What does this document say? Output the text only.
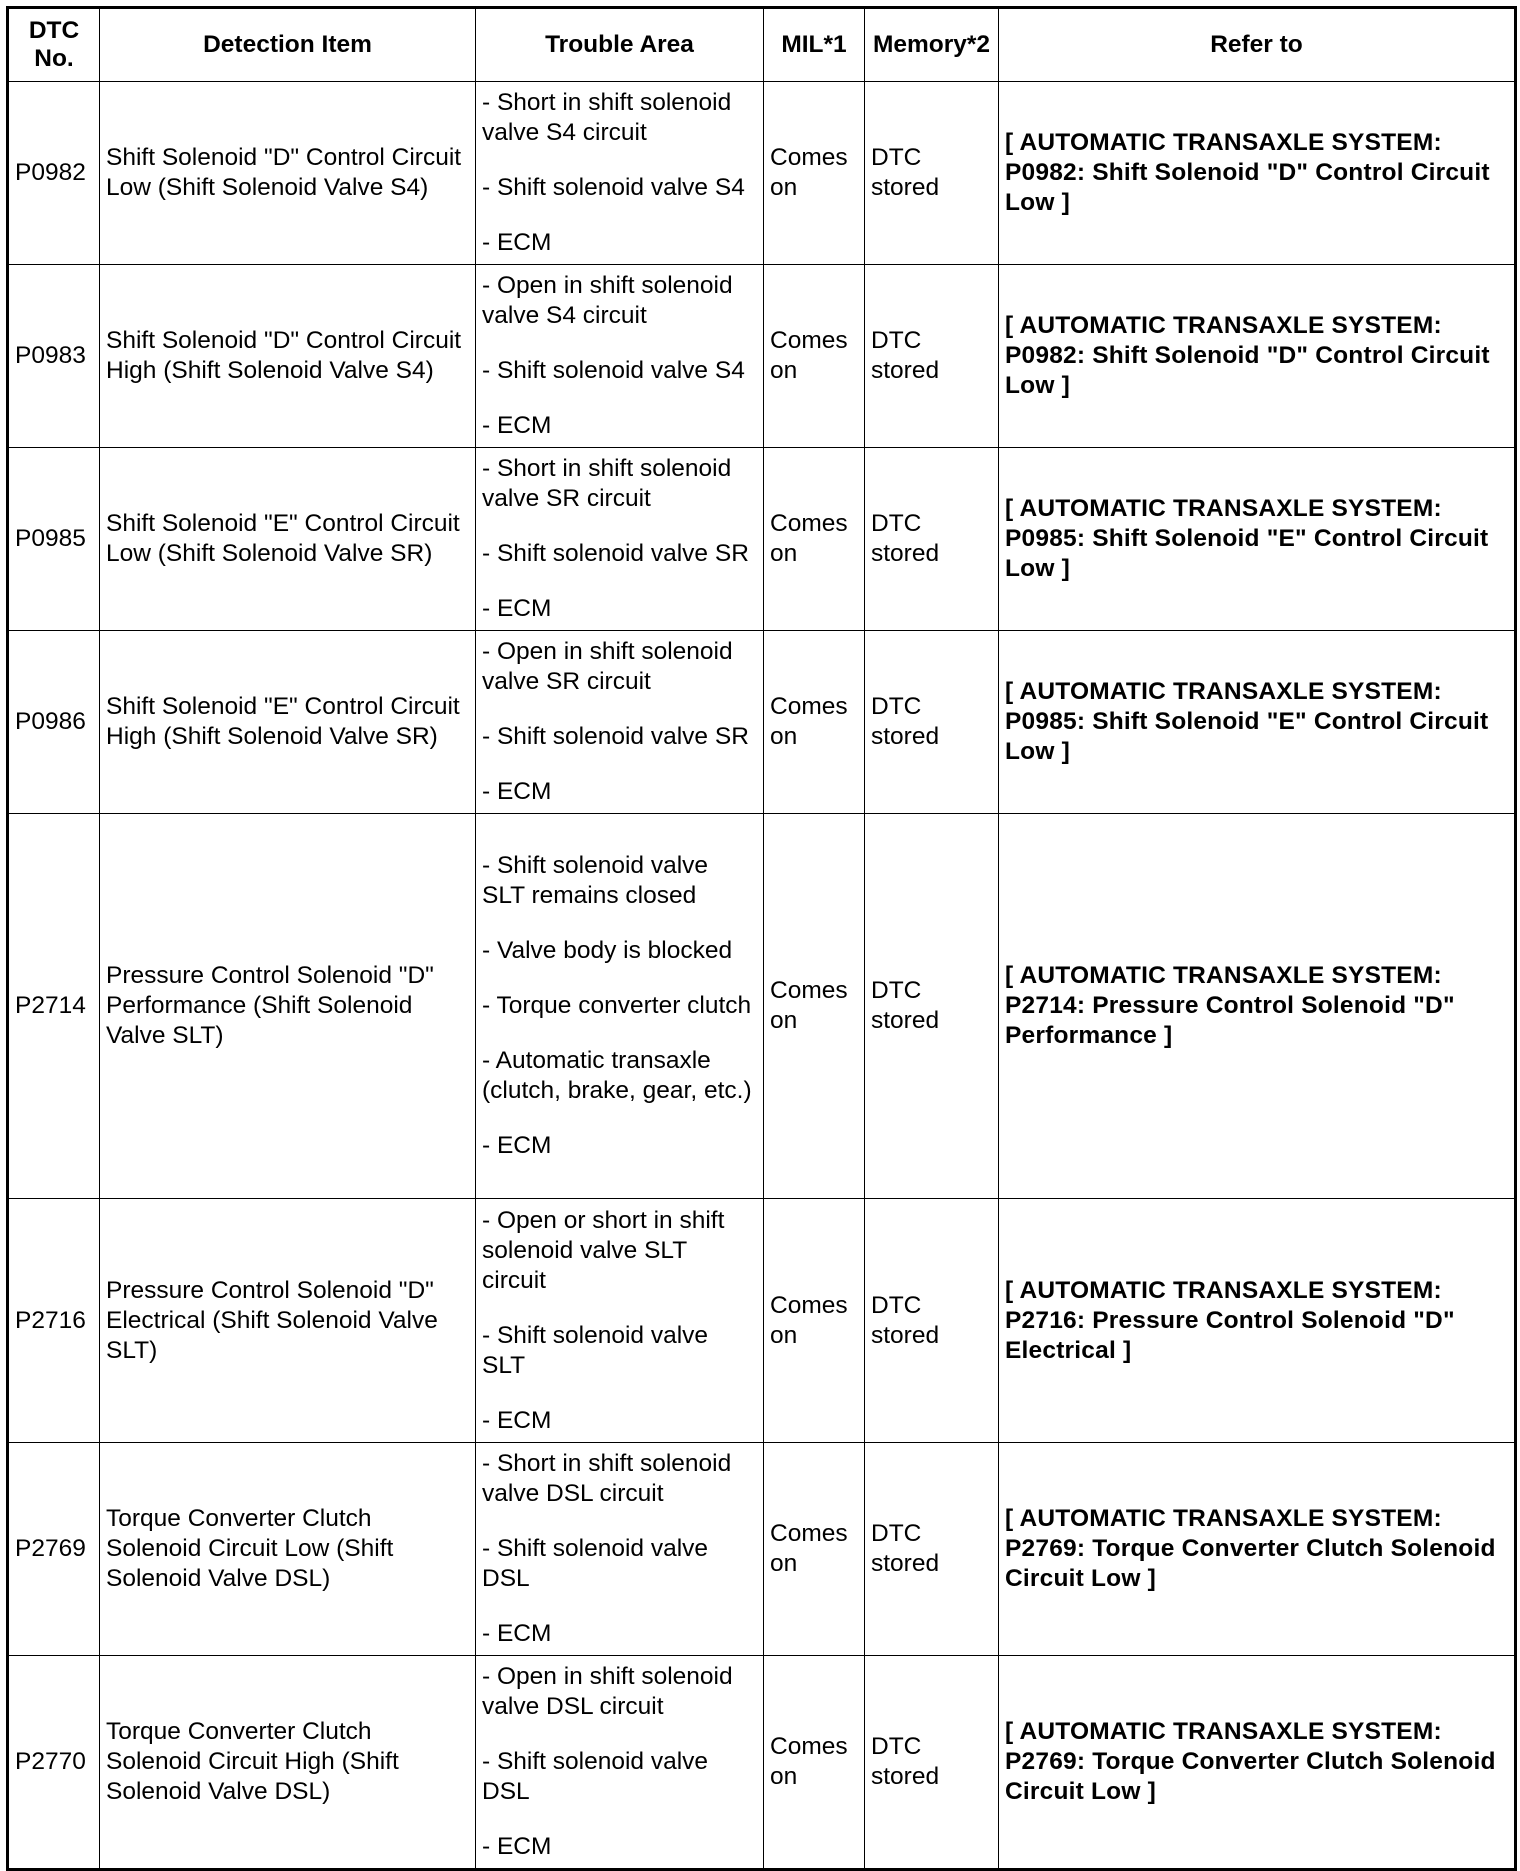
DTC No.	Detection Item	Trouble Area	MIL*1	Memory*2	Refer to
P0982	Shift Solenoid "D" Control Circuit Low (Shift Solenoid Valve S4)	- Short in shift solenoid valve S4 circuit
- Shift solenoid valve S4
- ECM	Comes on	DTC stored	[ AUTOMATIC TRANSAXLE SYSTEM: P0982: Shift Solenoid "D" Control Circuit Low ]

P0983	Shift Solenoid "D" Control Circuit High (Shift Solenoid Valve S4)	- Open in shift solenoid valve S4 circuit
- Shift solenoid valve S4
- ECM	Comes on	DTC stored	[ AUTOMATIC TRANSAXLE SYSTEM: P0982: Shift Solenoid "D" Control Circuit Low ]

P0985	Shift Solenoid "E" Control Circuit Low (Shift Solenoid Valve SR)	- Short in shift solenoid valve SR circuit
- Shift solenoid valve SR
- ECM	Comes on	DTC stored	[ AUTOMATIC TRANSAXLE SYSTEM: P0985: Shift Solenoid "E" Control Circuit Low ]

P0986	Shift Solenoid "E" Control Circuit High (Shift Solenoid Valve SR)	- Open in shift solenoid valve SR circuit
- Shift solenoid valve SR
- ECM	Comes on	DTC stored	[ AUTOMATIC TRANSAXLE SYSTEM: P0985: Shift Solenoid "E" Control Circuit Low ]

P2714	Pressure Control Solenoid "D" Performance (Shift Solenoid Valve SLT)	- Shift solenoid valve SLT remains closed
- Valve body is blocked
- Torque converter clutch
- Automatic transaxle (clutch, brake, gear, etc.)
- ECM	Comes on	DTC stored	[ AUTOMATIC TRANSAXLE SYSTEM: P2714: Pressure Control Solenoid "D" Performance ]

P2716	Pressure Control Solenoid "D" Electrical (Shift Solenoid Valve SLT)	- Open or short in shift solenoid valve SLT circuit
- Shift solenoid valve SLT
- ECM	Comes on	DTC stored	[ AUTOMATIC TRANSAXLE SYSTEM: P2716: Pressure Control Solenoid "D" Electrical ]

P2769	Torque Converter Clutch Solenoid Circuit Low (Shift Solenoid Valve DSL)	- Short in shift solenoid valve DSL circuit
- Shift solenoid valve DSL
- ECM	Comes on	DTC stored	[ AUTOMATIC TRANSAXLE SYSTEM: P2769: Torque Converter Clutch Solenoid Circuit Low ]

P2770	Torque Converter Clutch Solenoid Circuit High (Shift Solenoid Valve DSL)	- Open in shift solenoid valve DSL circuit
- Shift solenoid valve DSL
- ECM	Comes on	DTC stored	[ AUTOMATIC TRANSAXLE SYSTEM: P2769: Torque Converter Clutch Solenoid Circuit Low ]
